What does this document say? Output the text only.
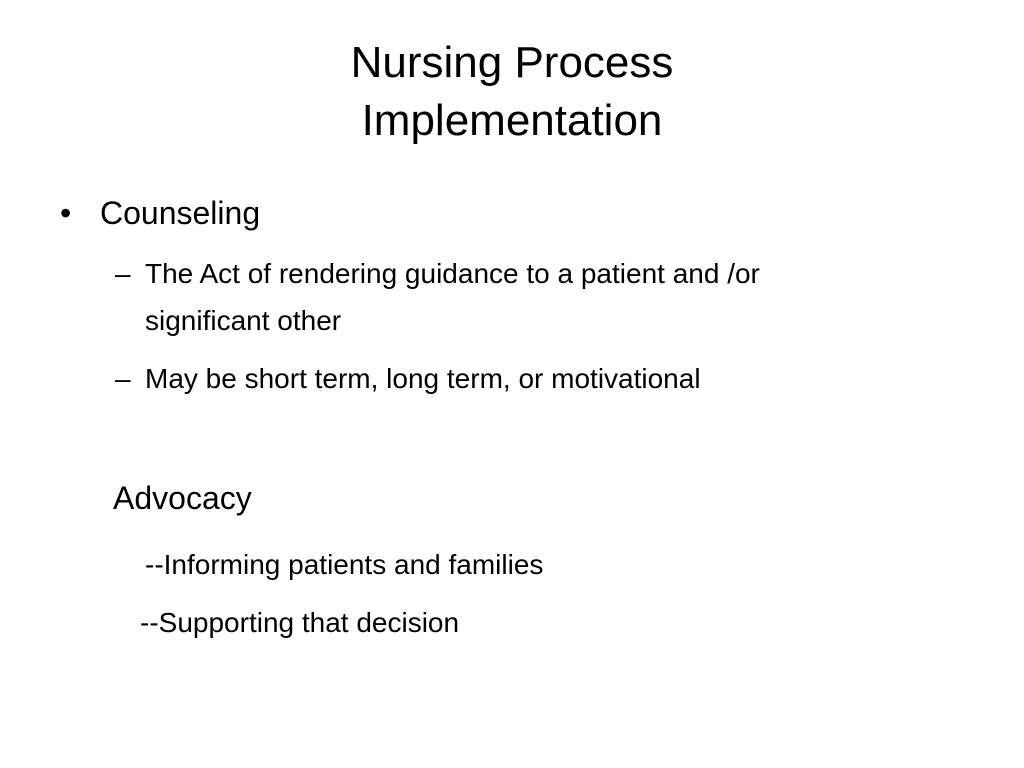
Nursing Process
Implementation
• Counseling
– The Act of rendering guidance to a patient and /or
significant other
– May be short term, long term, or motivational
Advocacy
--Informing patients and families
--Supporting that decision
